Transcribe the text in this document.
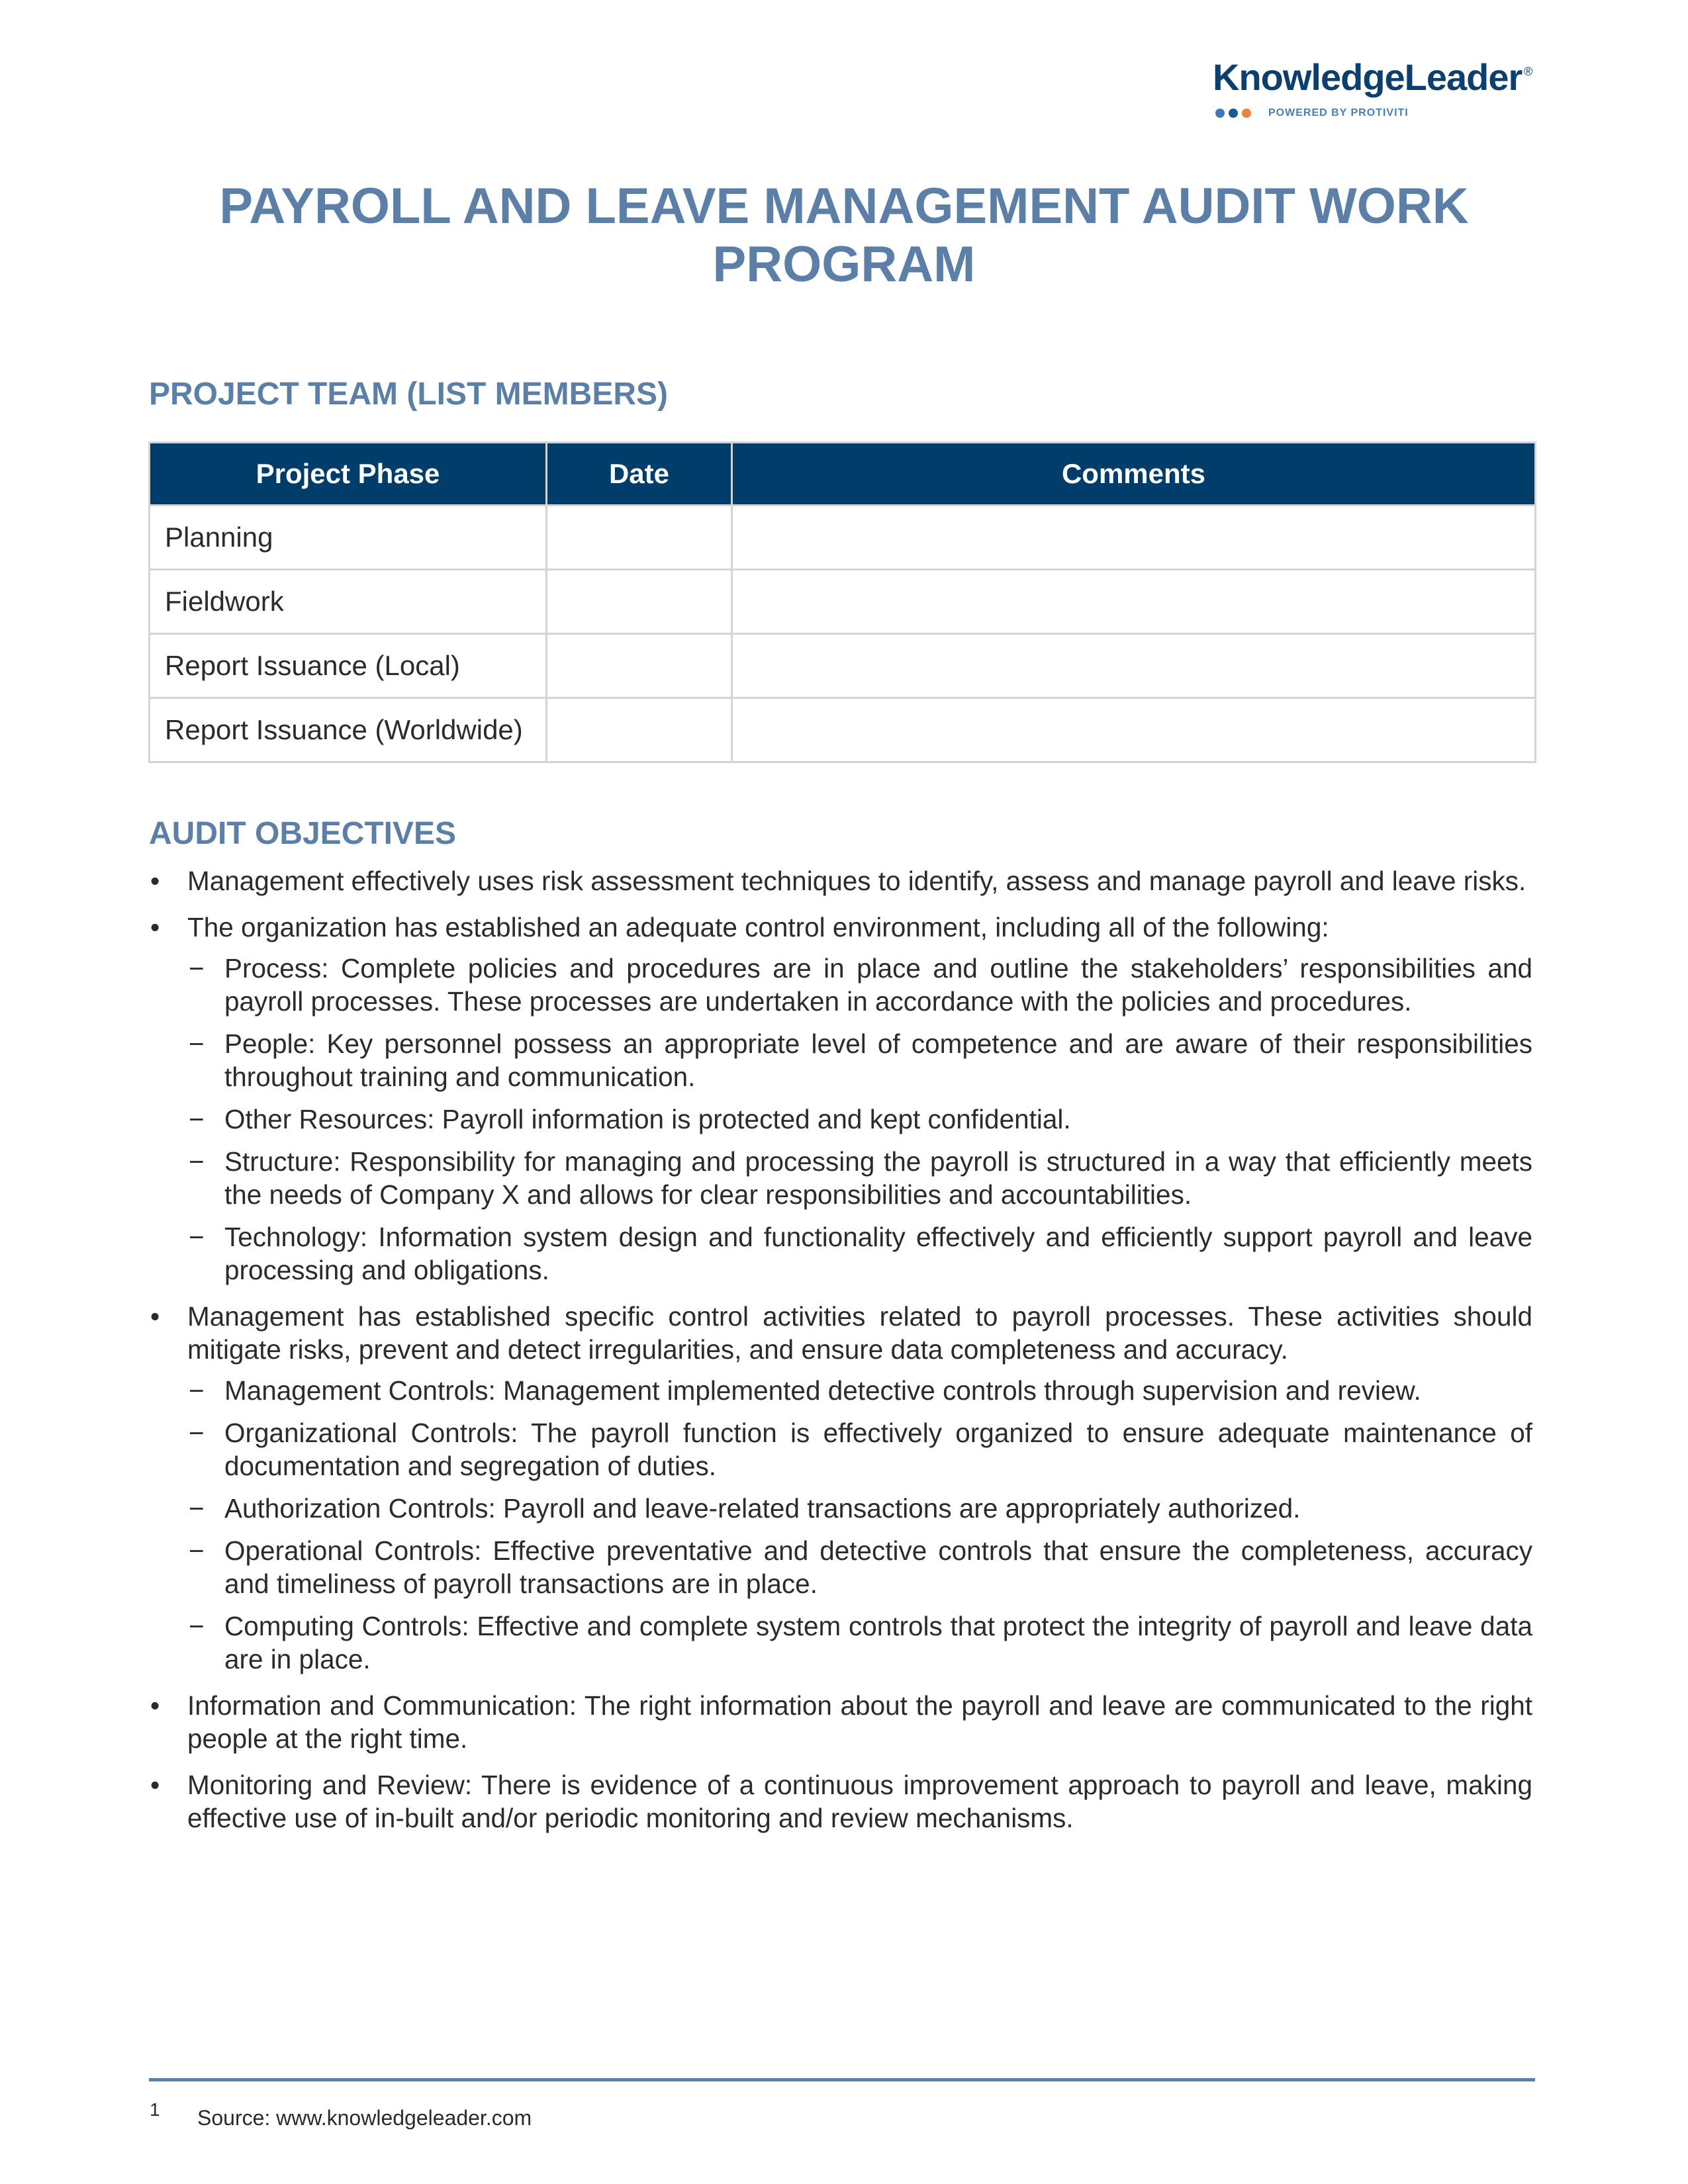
KnowledgeLeader ®
POWERED BY PROTIVITI
PAYROLL AND LEAVE MANAGEMENT AUDIT WORK PROGRAM
PROJECT TEAM (LIST MEMBERS)
Project Phase	Date	Comments
Planning		
Fieldwork		
Report Issuance (Local)		
Report Issuance (Worldwide)		
AUDIT OBJECTIVES
• Management effectively uses risk assessment techniques to identify, assess and manage payroll and leave risks.
• The organization has established an adequate control environment, including all of the following:
− Process: Complete policies and procedures are in place and outline the stakeholders’ responsibilities and payroll processes. These processes are undertaken in accordance with the policies and procedures.
− People: Key personnel possess an appropriate level of competence and are aware of their responsibilities throughout training and communication.
− Other Resources: Payroll information is protected and kept confidential.
− Structure: Responsibility for managing and processing the payroll is structured in a way that efficiently meets the needs of Company X and allows for clear responsibilities and accountabilities.
− Technology: Information system design and functionality effectively and efficiently support payroll and leave processing and obligations.
• Management has established specific control activities related to payroll processes. These activities should mitigate risks, prevent and detect irregularities, and ensure data completeness and accuracy.
− Management Controls: Management implemented detective controls through supervision and review.
− Organizational Controls: The payroll function is effectively organized to ensure adequate maintenance of documentation and segregation of duties.
− Authorization Controls: Payroll and leave-related transactions are appropriately authorized.
− Operational Controls: Effective preventative and detective controls that ensure the completeness, accuracy and timeliness of payroll transactions are in place.
− Computing Controls: Effective and complete system controls that protect the integrity of payroll and leave data are in place.
• Information and Communication: The right information about the payroll and leave are communicated to the right people at the right time.
• Monitoring and Review: There is evidence of a continuous improvement approach to payroll and leave, making effective use of in-built and/or periodic monitoring and review mechanisms.
1 Source: www.knowledgeleader.com
